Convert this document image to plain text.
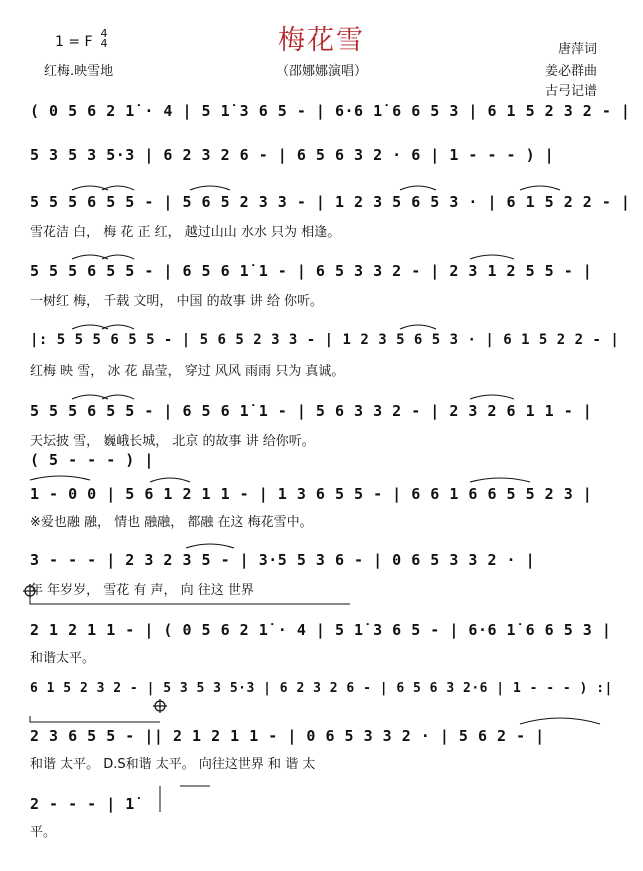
梅花雪
1 = F
4
4
红梅.映雪地	（邵娜娜演唱）
唐萍词
姜必群曲
古弓记谱
( 0 5 6 2 1̇ · 4 | 5 1̇ 3 6 5 - | 6·6 1̇ 6 6 5 3 | 6 1 5 2 3 2 - |
5 3 5 3 5·3 | 6 2 3 2 6 - | 6 5 6 3 2 · 6 | 1 - - - ) |
5 5 5 6 5 5 - | 5 6 5 2 3 3 - | 1 2 3 5 6 5 3 · | 6 1 5 2 2 - |
雪花洁 白， 梅 花 正 红， 越过山山 水水 只为 相逢。
5 5 5 6 5 5 - | 6 5 6 1̇ 1 - | 6 5 3 3 2 - | 2 3 1 2 5 5 - |
一树红 梅， 千载 文明， 中国 的故事 讲 给 你听。
|: 5 5 5 6 5 5 - | 5 6 5 2 3 3 - | 1 2 3 5 6 5 3 · | 6 1 5 2 2 - |
红梅 映 雪， 冰 花 晶莹， 穿过 风风 雨雨 只为 真诚。
5 5 5 6 5 5 - | 6 5 6 1̇ 1 - | 5 6 3 3 2 - | 2 3 2 6 1 1 - |
天坛披 雪， 巍峨长城， 北京 的故事 讲 给你听。
( 5 - - - ) |
1 - 0 0 | 5 6 1 2 1 1 - | 1 3 6 5 5 - | 6 6 1 6 6 5 5 2 3 |
※爱也融 融， 情也 融融， 都融 在这 梅花雪中。
3 - - - | 2 3 2 3 5 - | 3·5 5 3 6 - | 0 6 5 3 3 2 · |
年 年岁岁， 雪花 有 声， 向 往这 世界
2 1 2 1 1 - | ( 0 5 6 2 1̇ · 4 | 5 1̇ 3 6 5 - | 6·6 1̇ 6 6 5 3 |
和谐太平。
6 1 5 2 3 2 - | 5 3 5 3 5·3 | 6 2 3 2 6 - | 6 5 6 3 2·6 | 1 - - - ) :|
2 3 6 5 5 - || 2 1 2 1 1 - | 0 6 5 3 3 2 · | 5 6 2 - |
和谐 太平。 D.S和谐 太平。 向往这世界 和 谐 太
2 - - - | 1̇
平。
